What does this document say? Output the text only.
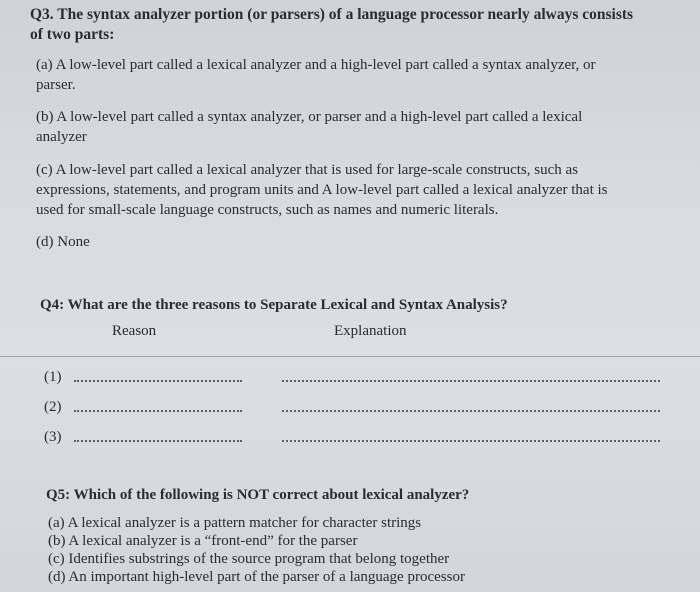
Q3. The syntax analyzer portion (or parsers) of a language processor nearly always consists
of two parts:
(a) A low-level part called a lexical analyzer and a high-level part called a syntax analyzer, or
parser.
(b) A low-level part called a syntax analyzer, or parser and a high-level part called a lexical
analyzer
(c) A low-level part called a lexical analyzer that is used for large-scale constructs, such as
expressions, statements, and program units and A low-level part called a lexical analyzer that is
used for small-scale language constructs, such as names and numeric literals.
(d) None
Q4: What are the three reasons to Separate Lexical and Syntax Analysis?
Reason	Explanation
(1)
(2)
(3)
Q5: Which of the following is NOT correct about lexical analyzer?
(a) A lexical analyzer is a pattern matcher for character strings
(b) A lexical analyzer is a “front-end” for the parser
(c) Identifies substrings of the source program that belong together
(d) An important high-level part of the parser of a language processor
